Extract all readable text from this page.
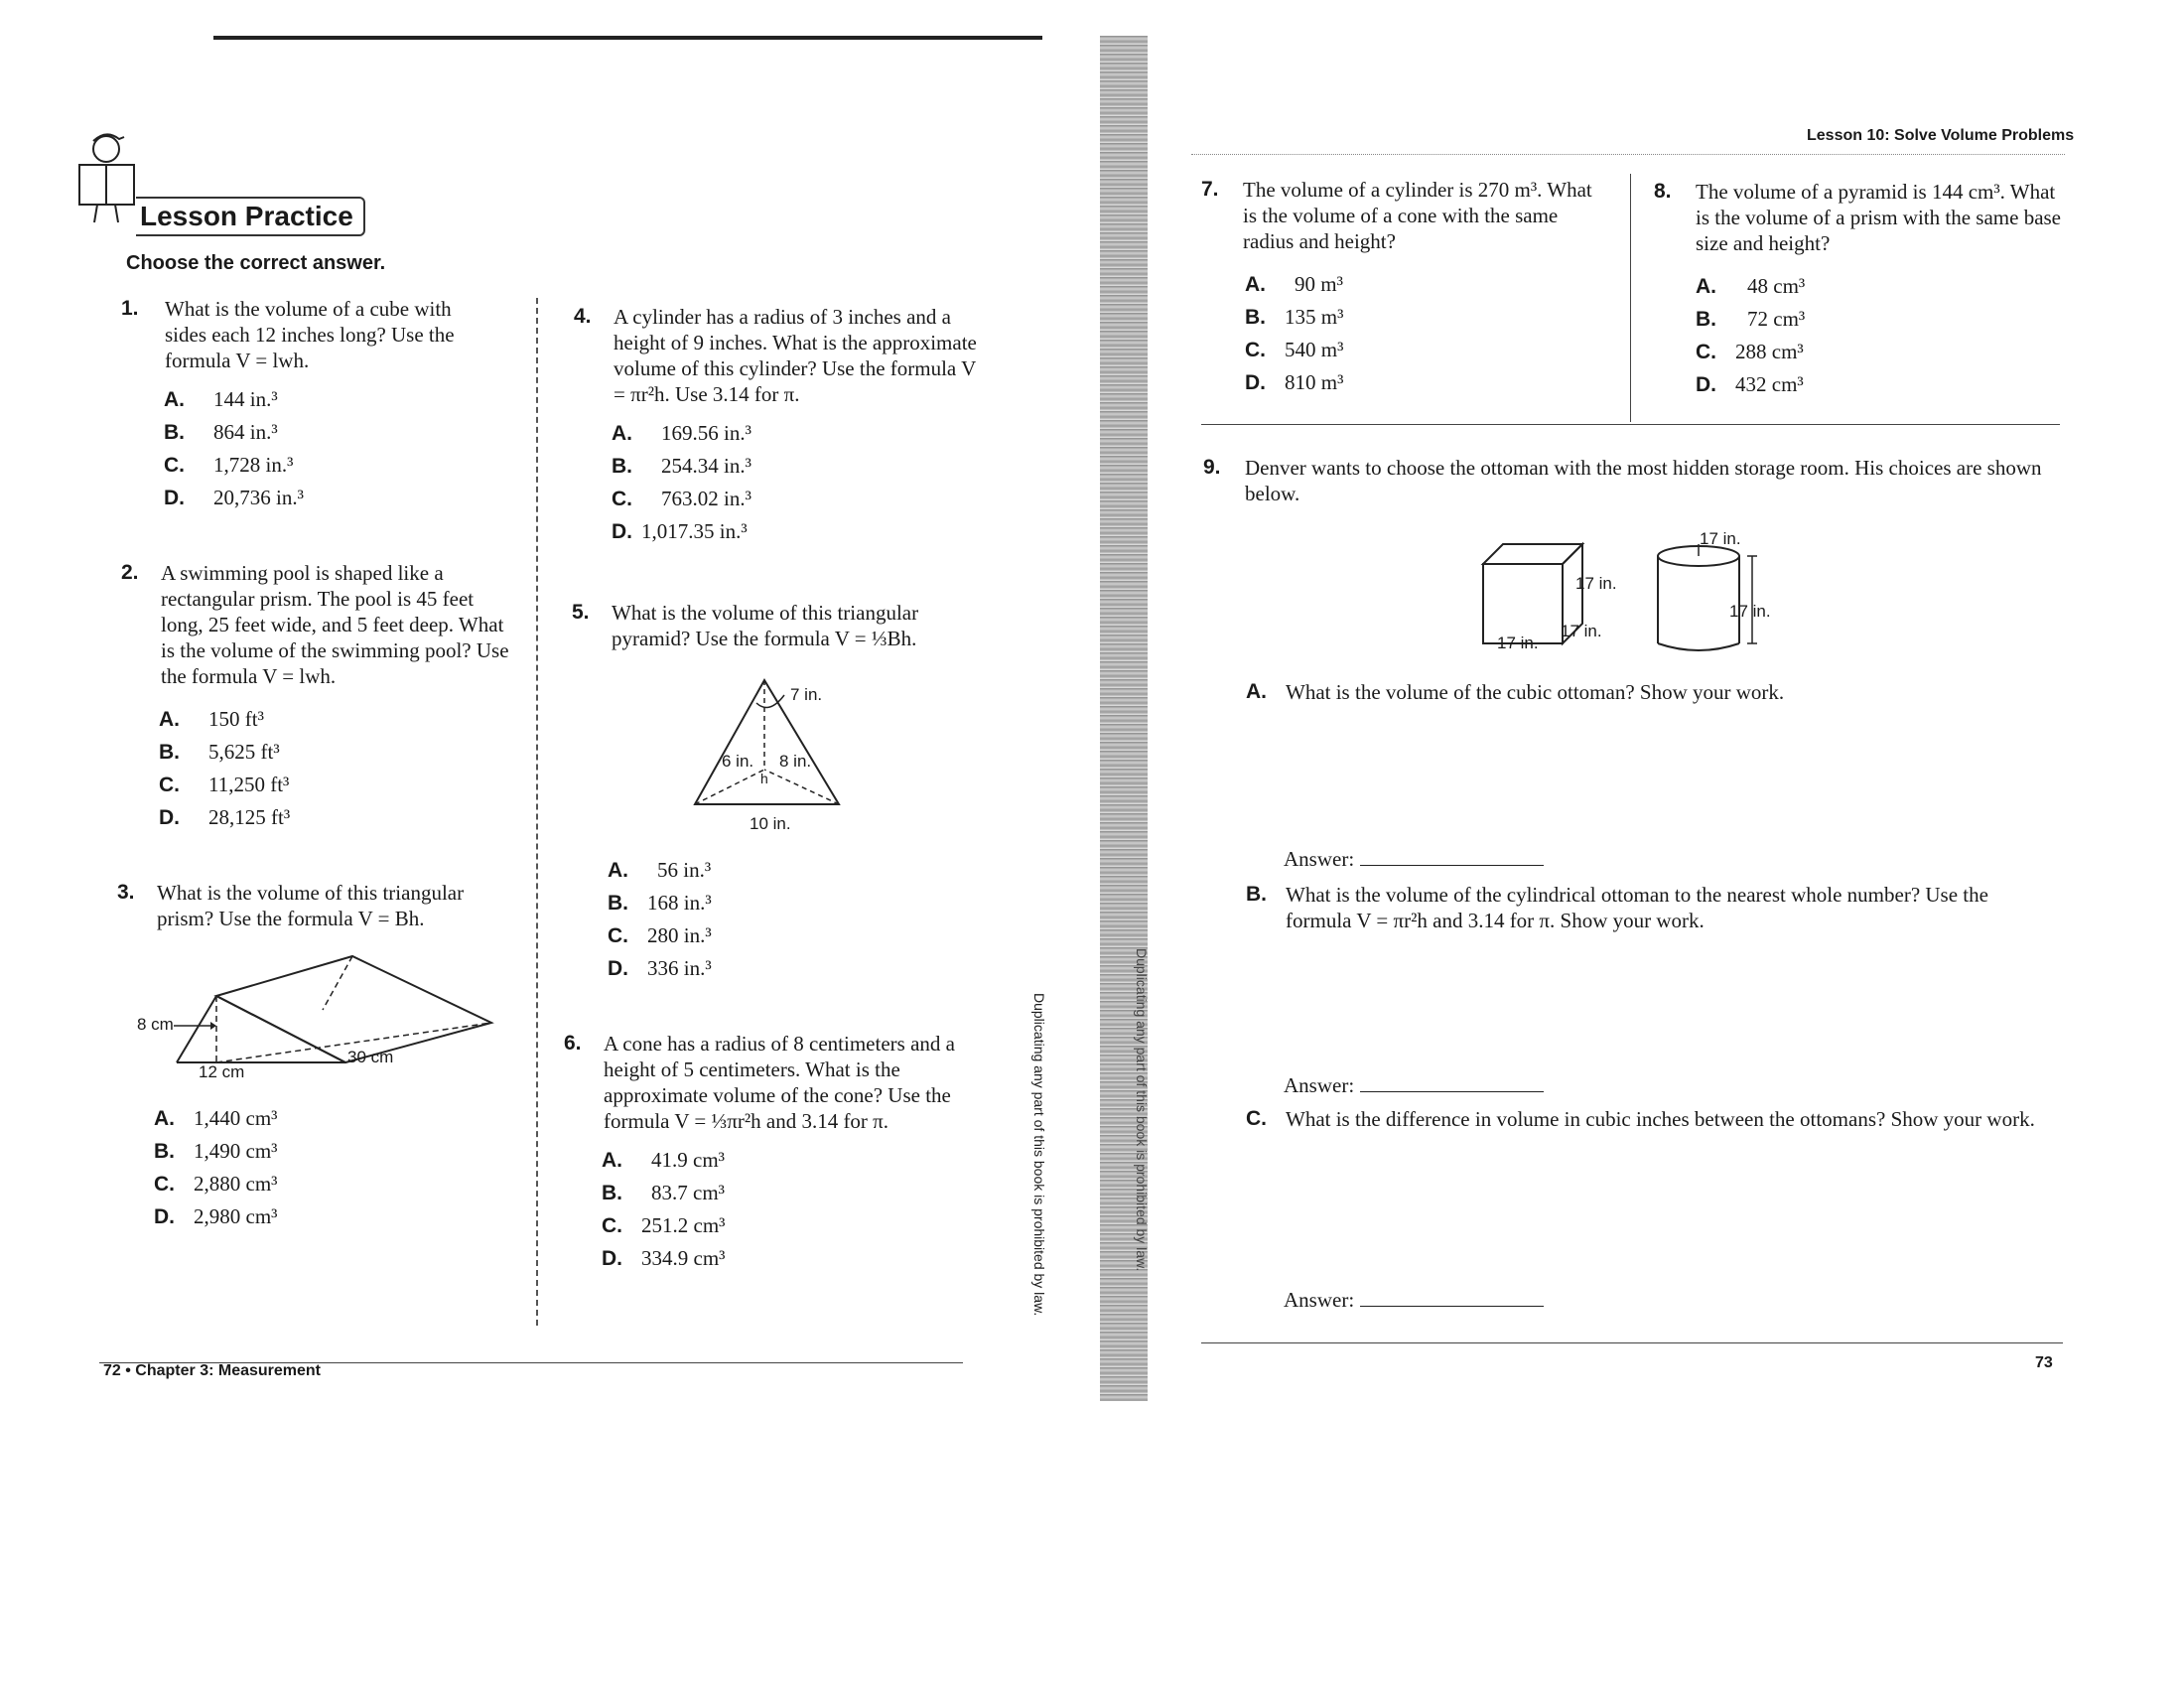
Lesson Practice
Choose the correct answer.
1. What is the volume of a cube with sides each 12 inches long? Use the formula V = lwh.
A. 144 in.³
B. 864 in.³
C. 1,728 in.³
D. 20,736 in.³
2. A swimming pool is shaped like a rectangular prism. The pool is 45 feet long, 25 feet wide, and 5 feet deep. What is the volume of the swimming pool? Use the formula V = lwh.
A. 150 ft³
B. 5,625 ft³
C. 11,250 ft³
D. 28,125 ft³
3. What is the volume of this triangular prism? Use the formula V = Bh.
8 cm
12 cm
30 cm
A. 1,440 cm³
B. 1,490 cm³
C. 2,880 cm³
D. 2,980 cm³
4. A cylinder has a radius of 3 inches and a height of 9 inches. What is the approximate volume of this cylinder? Use the formula V = πr²h. Use 3.14 for π.
A. 169.56 in.³
B. 254.34 in.³
C. 763.02 in.³
D. 1,017.35 in.³
5. What is the volume of this triangular pyramid? Use the formula V = ⅓Bh.
7 in.
6 in. 8 in.
h
10 in.
A. 56 in.³
B. 168 in.³
C. 280 in.³
D. 336 in.³
6. A cone has a radius of 8 centimeters and a height of 5 centimeters. What is the approximate volume of the cone? Use the formula V = ⅓πr²h and 3.14 for π.
A. 41.9 cm³
B. 83.7 cm³
C. 251.2 cm³
D. 334.9 cm³
72 • Chapter 3: Measurement
Duplicating any part of this book is prohibited by law.	Duplicating any part of this book is prohibited by law.
Lesson 10: Solve Volume Problems
7. The volume of a cylinder is 270 m³. What is the volume of a cone with the same radius and height?
A. 90 m³
B. 135 m³
C. 540 m³
D. 810 m³
8. The volume of a pyramid is 144 cm³. What is the volume of a prism with the same base size and height?
A. 48 cm³
B. 72 cm³
C. 288 cm³
D. 432 cm³
9. Denver wants to choose the ottoman with the most hidden storage room. His choices are shown below.
17 in.
17 in.
17 in.
17 in.
17 in.
A. What is the volume of the cubic ottoman? Show your work.
Answer:
B. What is the volume of the cylindrical ottoman to the nearest whole number? Use the formula V = πr²h and 3.14 for π. Show your work.
Answer:
C. What is the difference in volume in cubic inches between the ottomans? Show your work.
Answer:
73
